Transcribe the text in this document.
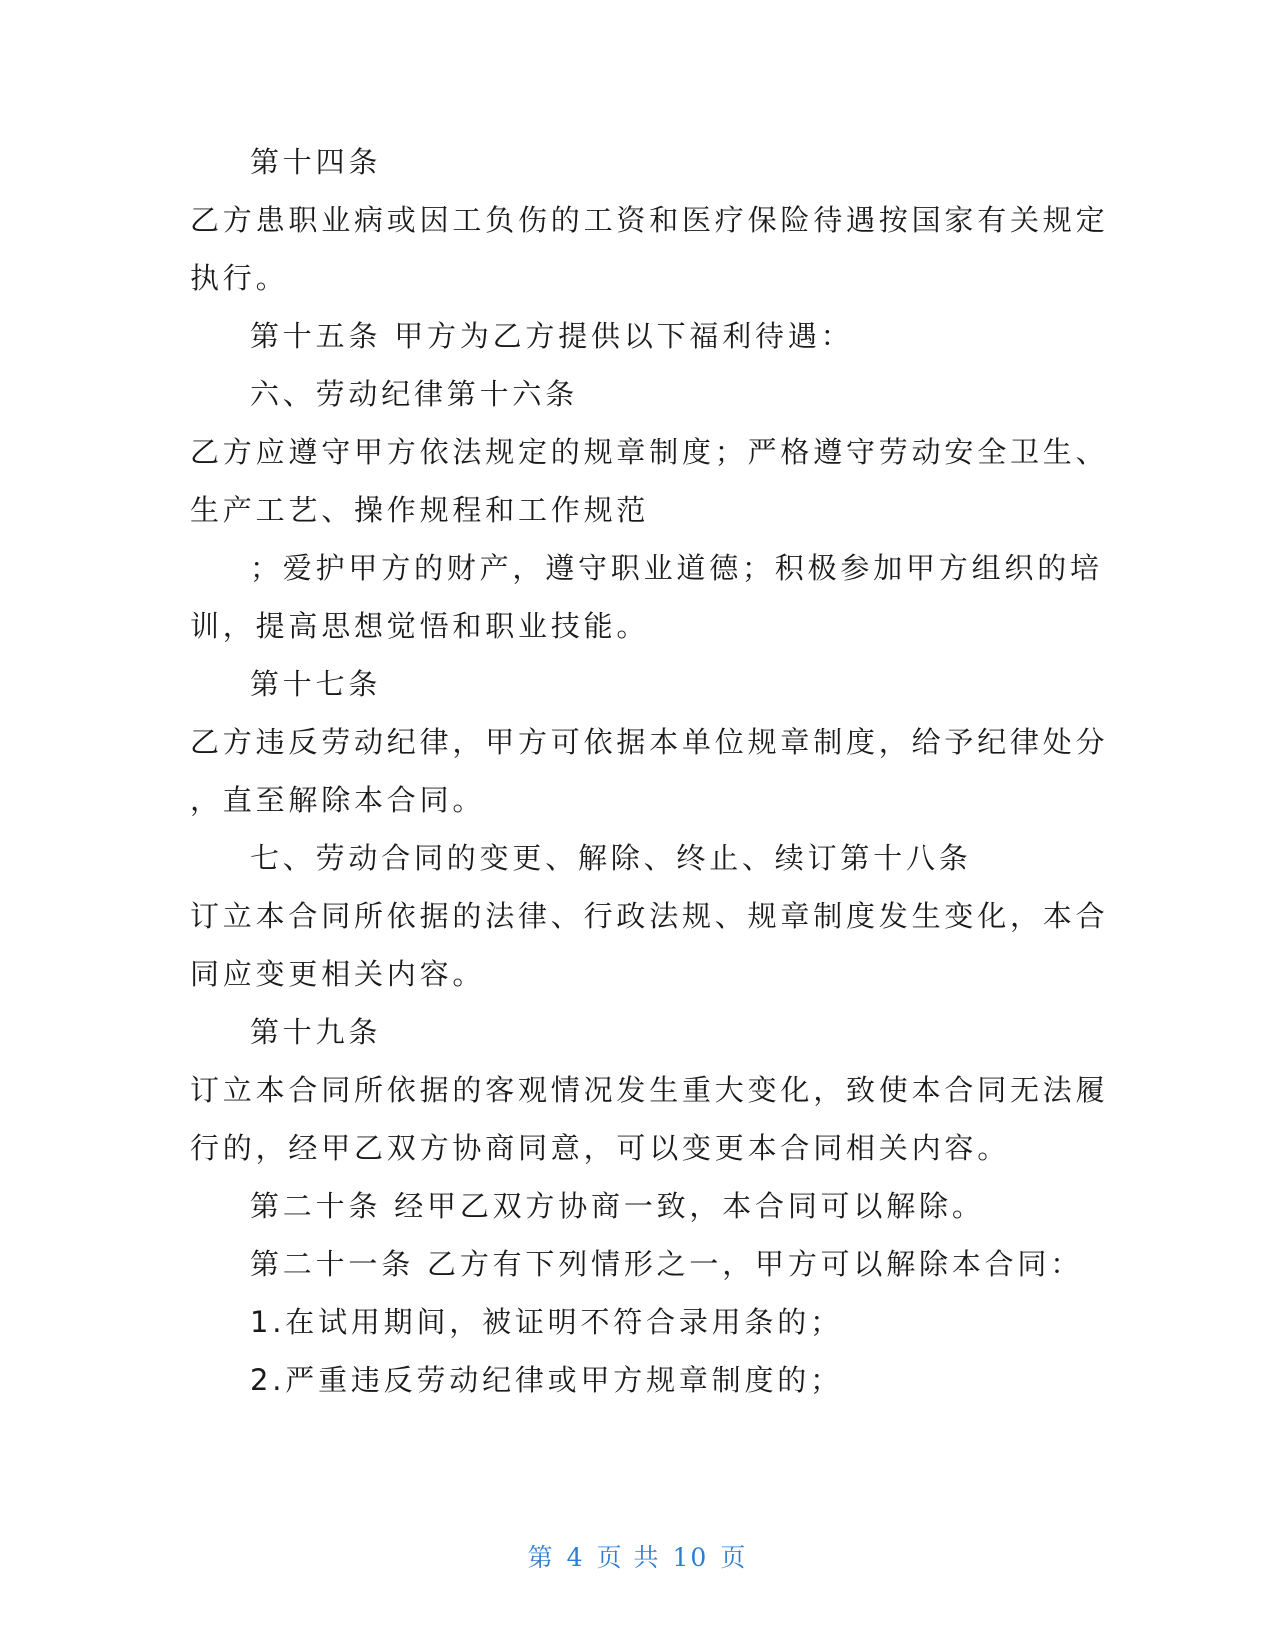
第十四条
乙方患职业病或因工负伤的工资和医疗保险待遇按国家有关规定
执行。
第十五条 甲方为乙方提供以下福利待遇：
六、劳动纪律第十六条
乙方应遵守甲方依法规定的规章制度；严格遵守劳动安全卫生、
生产工艺、操作规程和工作规范
；爱护甲方的财产，遵守职业道德；积极参加甲方组织的培
训，提高思想觉悟和职业技能。
第十七条
乙方违反劳动纪律，甲方可依据本单位规章制度，给予纪律处分
，直至解除本合同。
七、劳动合同的变更、解除、终止、续订第十八条
订立本合同所依据的法律、行政法规、规章制度发生变化，本合
同应变更相关内容。
第十九条
订立本合同所依据的客观情况发生重大变化，致使本合同无法履
行的，经甲乙双方协商同意，可以变更本合同相关内容。
第二十条 经甲乙双方协商一致，本合同可以解除。
第二十一条 乙方有下列情形之一，甲方可以解除本合同：
1.在试用期间，被证明不符合录用条的；
2.严重违反劳动纪律或甲方规章制度的；
第 4 页 共 10 页
